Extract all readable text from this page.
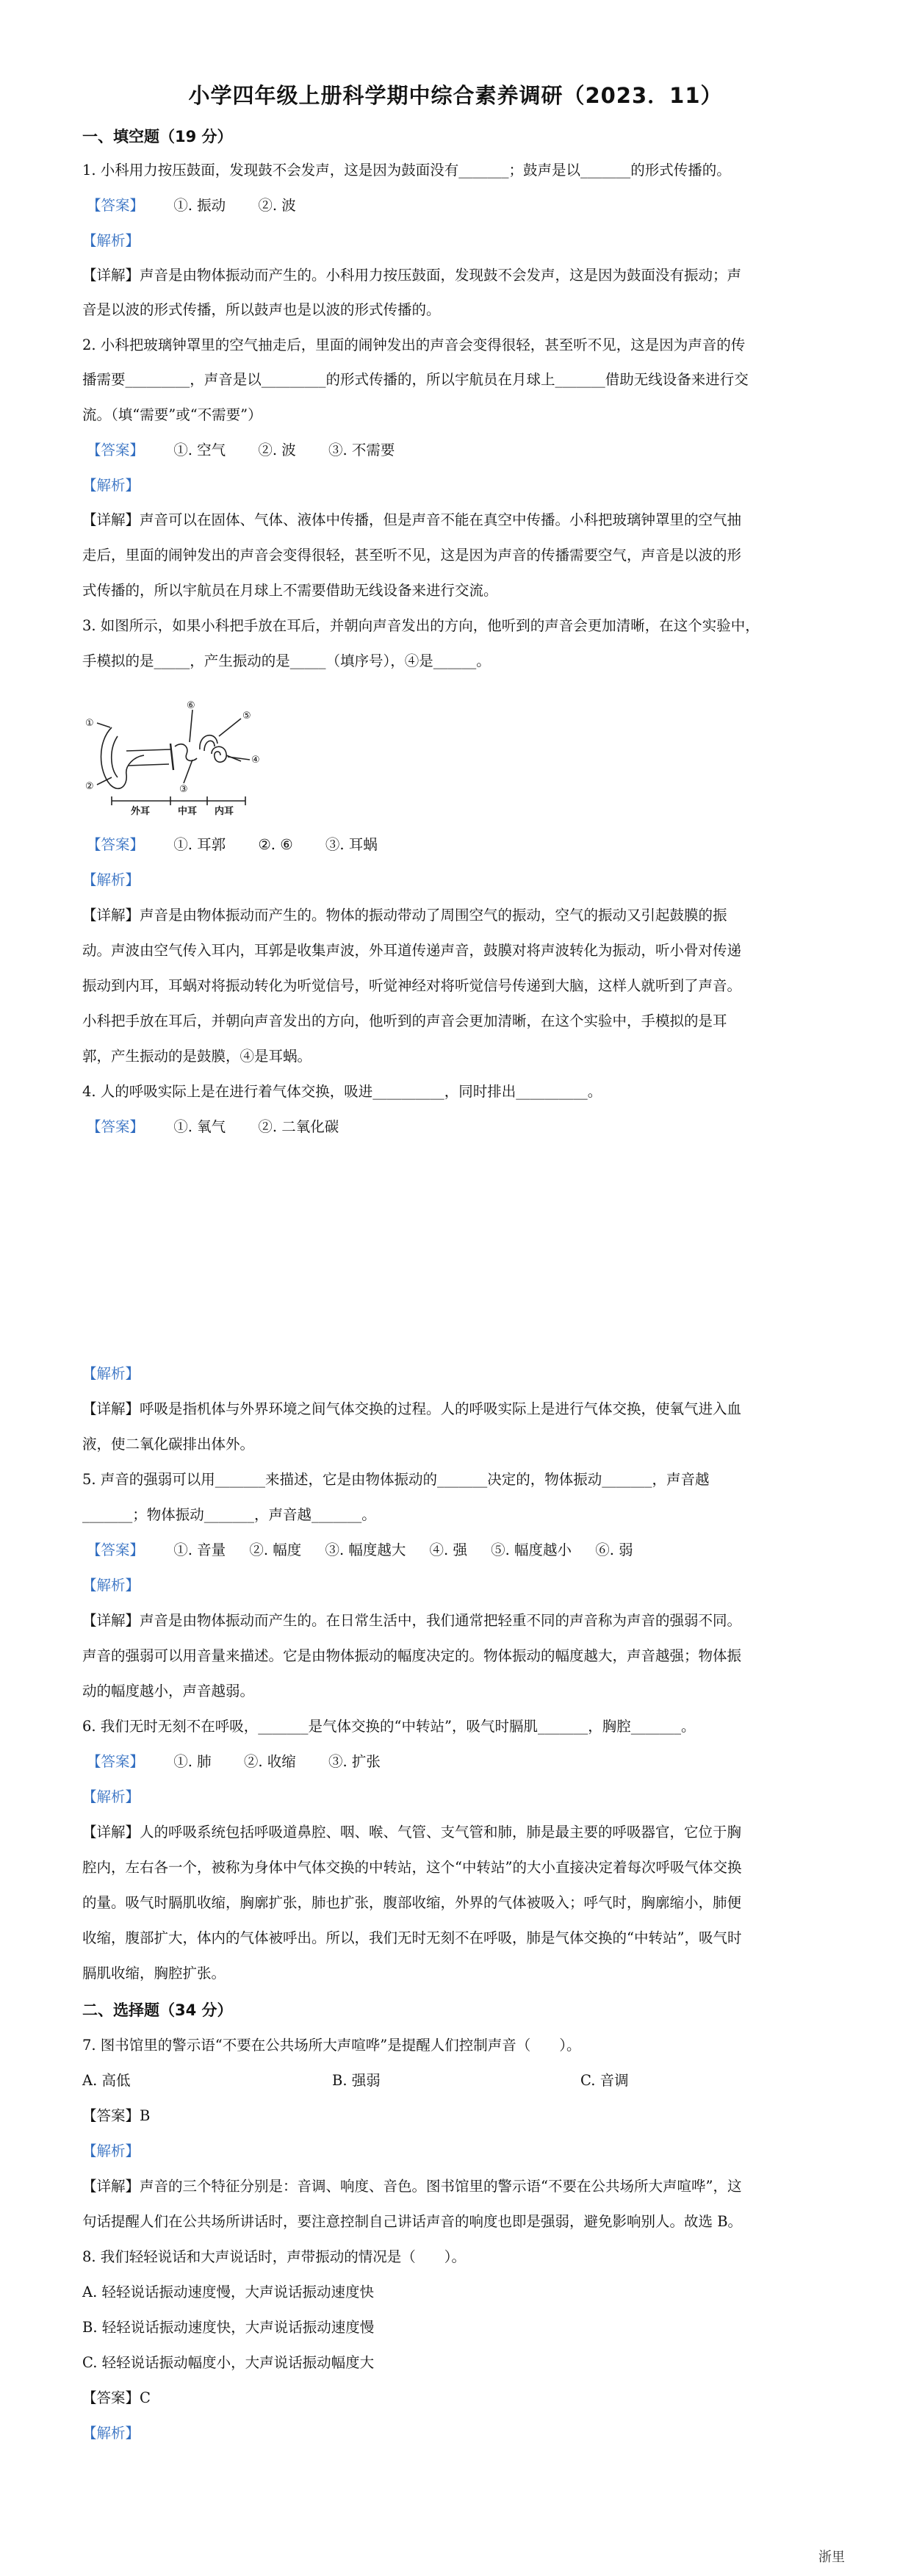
小学四年级上册科学期中综合素养调研（2023．11）
一、填空题（19 分）
1. 小科用力按压鼓面，发现鼓不会发声，这是因为鼓面没有_______；鼓声是以_______的形式传播的。
【答案】 ①. 振动 ②. 波
【解析】
【详解】声音是由物体振动而产生的。小科用力按压鼓面，发现鼓不会发声，这是因为鼓面没有振动；声
音是以波的形式传播，所以鼓声也是以波的形式传播的。
2. 小科把玻璃钟罩里的空气抽走后，里面的闹钟发出的声音会变得很轻，甚至听不见，这是因为声音的传
播需要_________，声音是以_________的形式传播的，所以宇航员在月球上_______借助无线设备来进行交
流。（填“需要”或“不需要”）
【答案】 ①. 空气 ②. 波 ③. 不需要
【解析】
【详解】声音可以在固体、气体、液体中传播，但是声音不能在真空中传播。小科把玻璃钟罩里的空气抽
走后，里面的闹钟发出的声音会变得很轻，甚至听不见，这是因为声音的传播需要空气，声音是以波的形
式传播的，所以宇航员在月球上不需要借助无线设备来进行交流。
3. 如图所示，如果小科把手放在耳后，并朝向声音发出的方向，他听到的声音会更加清晰，在这个实验中，
手模拟的是_____，产生振动的是_____（填序号），④是______。
①
②	③
④
⑤
⑥
外耳	中耳 内耳
【答案】 ①. 耳郭 ②. ⑥ ③. 耳蜗
【解析】
【详解】声音是由物体振动而产生的。物体的振动带动了周围空气的振动，空气的振动又引起鼓膜的振
动。声波由空气传入耳内，耳郭是收集声波，外耳道传递声音，鼓膜对将声波转化为振动，听小骨对传递
振动到内耳，耳蜗对将振动转化为听觉信号，听觉神经对将听觉信号传递到大脑，这样人就听到了声音。
小科把手放在耳后，并朝向声音发出的方向，他听到的声音会更加清晰，在这个实验中，手模拟的是耳
郭，产生振动的是鼓膜，④是耳蜗。
4. 人的呼吸实际上是在进行着气体交换，吸进__________，同时排出__________。
【答案】 ①. 氧气 ②. 二氧化碳
【解析】
【详解】呼吸是指机体与外界环境之间气体交换的过程。人的呼吸实际上是进行气体交换，使氧气进入血
液，使二氧化碳排出体外。
5. 声音的强弱可以用_______来描述，它是由物体振动的_______决定的，物体振动_______，声音越
_______；物体振动_______，声音越_______。
【答案】 ①. 音量 ②. 幅度 ③. 幅度越大 ④. 强 ⑤. 幅度越小 ⑥. 弱
【解析】
【详解】声音是由物体振动而产生的。在日常生活中，我们通常把轻重不同的声音称为声音的强弱不同。
声音的强弱可以用音量来描述。它是由物体振动的幅度决定的。物体振动的幅度越大，声音越强；物体振
动的幅度越小，声音越弱。
6. 我们无时无刻不在呼吸，_______是气体交换的“中转站”，吸气时膈肌_______，胸腔_______。
【答案】 ①. 肺 ②. 收缩 ③. 扩张
【解析】
【详解】人的呼吸系统包括呼吸道鼻腔、咽、喉、气管、支气管和肺，肺是最主要的呼吸器官，它位于胸
腔内，左右各一个，被称为身体中气体交换的中转站，这个“中转站”的大小直接决定着每次呼吸气体交换
的量。吸气时膈肌收缩，胸廓扩张，肺也扩张，腹部收缩，外界的气体被吸入；呼气时，胸廓缩小，肺便
收缩，腹部扩大，体内的气体被呼出。所以，我们无时无刻不在呼吸，肺是气体交换的“中转站”，吸气时
膈肌收缩，胸腔扩张。
二、选择题（34 分）
7. 图书馆里的警示语“不要在公共场所大声喧哗”是提醒人们控制声音（　　）。
A. 高低	B. 强弱	C. 音调
【答案】B
【解析】
【详解】声音的三个特征分别是：音调、响度、音色。图书馆里的警示语“不要在公共场所大声喧哗”，这
句话提醒人们在公共场所讲话时，要注意控制自己讲话声音的响度也即是强弱，避免影响别人。故选 B。
8. 我们轻轻说话和大声说话时，声带振动的情况是（　　）。
A. 轻轻说话振动速度慢，大声说话振动速度快
B. 轻轻说话振动速度快，大声说话振动速度慢
C. 轻轻说话振动幅度小，大声说话振动幅度大
【答案】C
【解析】
浙里
